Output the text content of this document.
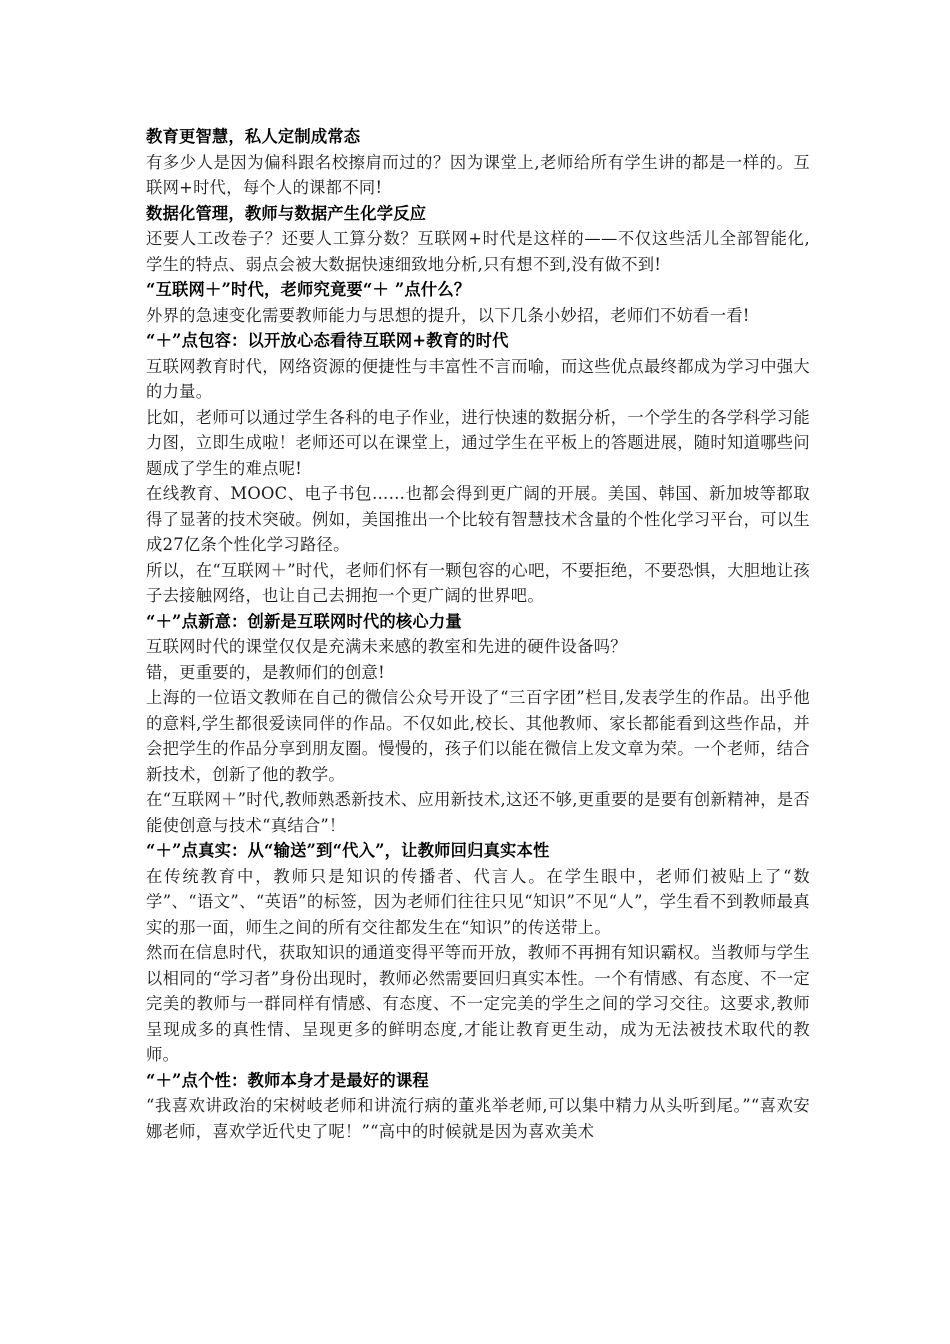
教育更智慧，私人定制成常态
有多少人是因为偏科跟名校擦肩而过的？因为课堂上,老师给所有学生讲的都是一样的。互联网+时代，每个人的课都不同!
数据化管理，教师与数据产生化学反应
还要人工改卷子？还要人工算分数？互联网+时代是这样的——不仅这些活儿全部智能化,学生的特点、弱点会被大数据快速细致地分析,只有想不到,没有做不到!
“互联网＋”时代，老师究竟要“＋ ”点什么？
外界的急速变化需要教师能力与思想的提升，以下几条小妙招，老师们不妨看一看!
“＋”点包容：以开放心态看待互联网+教育的时代
互联网教育时代，网络资源的便捷性与丰富性不言而喻，而这些优点最终都成为学习中强大的力量。
比如，老师可以通过学生各科的电子作业，进行快速的数据分析，一个学生的各学科学习能力图，立即生成啦！老师还可以在课堂上，通过学生在平板上的答题进展，随时知道哪些问题成了学生的难点呢!
在线教育、MOOC、电子书包……也都会得到更广阔的开展。美国、韩国、新加坡等都取得了显著的技术突破。例如，美国推出一个比较有智慧技术含量的个性化学习平台，可以生成27亿条个性化学习路径。
所以，在“互联网＋”时代，老师们怀有一颗包容的心吧，不要拒绝，不要恐惧，大胆地让孩子去接触网络，也让自己去拥抱一个更广阔的世界吧。
“＋”点新意：创新是互联网时代的核心力量
互联网时代的课堂仅仅是充满未来感的教室和先进的硬件设备吗？
错，更重要的，是教师们的创意!
上海的一位语文教师在自己的微信公众号开设了“三百字团”栏目,发表学生的作品。出乎他的意料,学生都很爱读同伴的作品。不仅如此,校长、其他教师、家长都能看到这些作品，并会把学生的作品分享到朋友圈。慢慢的，孩子们以能在微信上发文章为荣。一个老师，结合新技术，创新了他的教学。
在“互联网＋”时代,教师熟悉新技术、应用新技术,这还不够,更重要的是要有创新精神，是否能使创意与技术“真结合”！
“＋”点真实：从“输送”到“代入”，让教师回归真实本性
在传统教育中，教师只是知识的传播者、代言人。在学生眼中，老师们被贴上了“数学”、“语文”、“英语”的标签，因为老师们往往只见“知识”不见“人”，学生看不到教师最真实的那一面，师生之间的所有交往都发生在“知识”的传送带上。
然而在信息时代，获取知识的通道变得平等而开放，教师不再拥有知识霸权。当教师与学生以相同的“学习者”身份出现时，教师必然需要回归真实本性。一个有情感、有态度、不一定完美的教师与一群同样有情感、有态度、不一定完美的学生之间的学习交往。这要求,教师呈现成多的真性情、呈现更多的鲜明态度,才能让教育更生动，成为无法被技术取代的教师。
“＋”点个性：教师本身才是最好的课程
“我喜欢讲政治的宋树岐老师和讲流行病的董兆举老师,可以集中精力从头听到尾。”“喜欢安娜老师，喜欢学近代史了呢！”“高中的时候就是因为喜欢美术
